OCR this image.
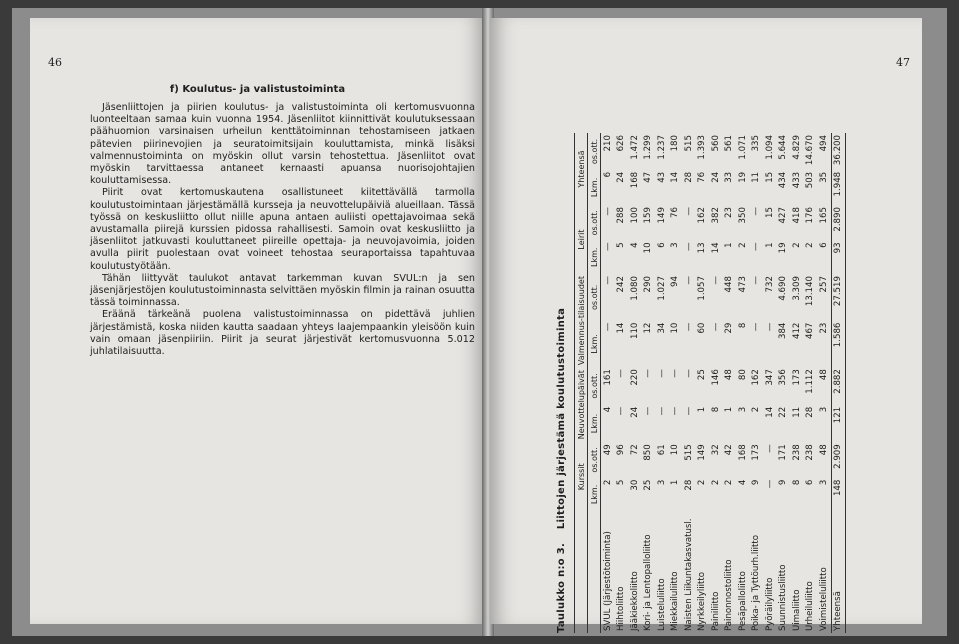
46
f) Koulutus- ja valistustoiminta

Jäsenliittojen ja piirien koulutus- ja valistustoiminta oli kertomusvuonna luonteeltaan samaa kuin vuonna 1954. Jäsenliitot kiinnittivät koulutuksessaan päähuomion varsinaisen urheilun kenttätoiminnan tehostamiseen jatkaen pätevien piirinevojien ja seuratoimitsijain kouluttamista, minkä lisäksi valmennustoiminta on myöskin ollut varsin tehostettua. Jäsenliitot ovat myöskin tarvittaessa antaneet kernaasti apuansa nuorisojohtajien kouluttamisessa.

Piirit ovat kertomuskautena osallistuneet kiitettävällä tarmolla koulutustoimintaan järjestämällä kursseja ja neuvottelupäiviä alueillaan. Tässä työssä on keskusliitto ollut niille apuna antaen auliisti opettajavoimaa sekä avustamalla piirejä kurssien pidossa rahallisesti. Samoin ovat keskusliitto ja jäsenliitot jatkuvasti kouluttaneet piireille opettaja- ja neuvojavoimia, joiden avulla piirit puolestaan ovat voineet tehostaa seuraportaissa tapahtuvaa koulutustyötään.

Tähän liittyvät taulukot antavat tarkemman kuvan SVUL:n ja sen jäsenjärjestöjen koulutustoiminnasta selvittäen myöskin filmin ja rainan osuutta tässä toiminnassa.

Eräänä tärkeänä puolena valistustoiminnassa on pidettävä juhlien järjestämistä, koska niiden kautta saadaan yhteys laajempaankin yleisöön kuin vain omaan jäsenpiiriin. Piirit ja seurat järjestivät kertomusvuonna 5.012 juhlatilaisuutta.

47
Taulukko n:o 3. Liittojen järjestämä koulutustoiminta
	Kurssit		Neuvottelupäivät		Valmennus-tilaisuudet		Leirit		Yhteensä	
	Lkm.	os.ott.	Lkm.	os.ott.	Lkm.	os.ott.	Lkm.	os.ott.	Lkm.	os.ott.
SVUL (Järjestötoiminta)	2	49	4	161	—	—	—	—	6	210
Hiihtoliitto	5	96	—	—	14	242	5	288	24	626
Jääkiekkoliitto	30	72	24	220	110	1.080	4	100	168	1.472
Kori- ja Lentopalloliitto	25	850	—	—	12	290	10	159	47	1.299
Luisteluliitto	3	61	—	—	34	1.027	6	149	43	1.237
Miekkailuliitto	1	10	—	—	10	94	3	76	14	180
Naisten Liikuntakasvatusl.	28	515	—	—	—	—	—	—	28	515
Nyrkkeilyliitto	2	149	1	25	60	1.057	13	162	76	1.393
Painiliitto	2	32	8	146	—	—	14	382	24	560
Painonnostoliitto	2	42	1	48	29	448	1	23	33	561
Pesäpalloliitto	4	168	3	80	8	473	2	350	19	1.071
Poika- ja Tyttöurh.liitto	9	173	2	162	—	—	—	—	11	335
Pyöräilyliitto	—	—	14	347	—	732	1	15	15	1.094
Suunnistusliitto	9	171	22	356	384	4.690	19	427	434	5.644
Uimaliitto	8	238	11	173	412	3.309	2	418	433	4.829
Urheiluliitto	6	238	28	1.112	467	13.140	2	176	503	14.670
Voimisteluliitto	3	48	3	48	23	257	6	165	35	494
Yhteensä	148	2.909	121	2.882	1.586	27.519	93	2.890	1.948	36.200
